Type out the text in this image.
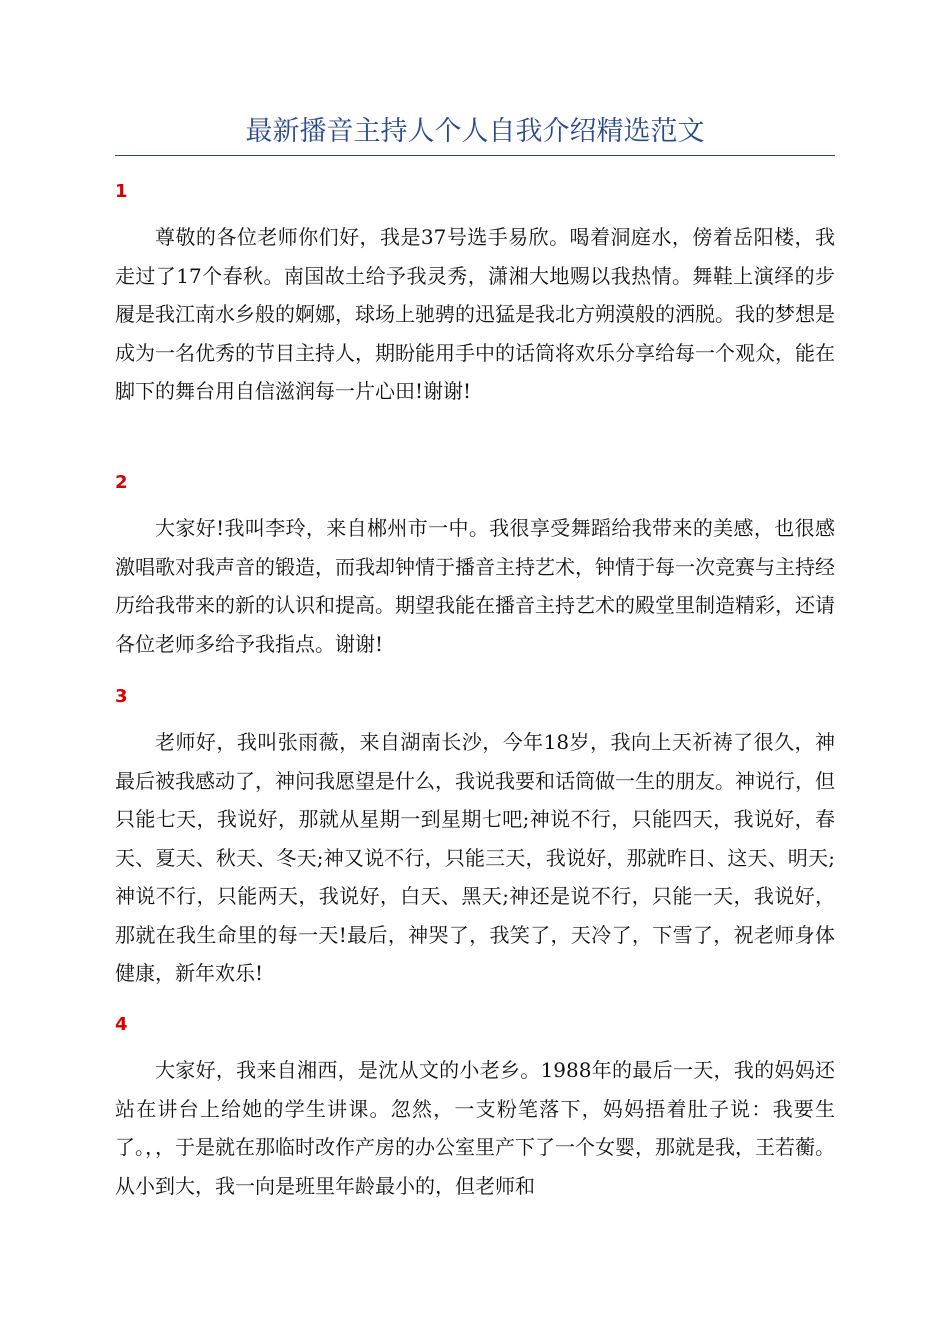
最新播音主持人个人自我介绍精选范文
1

尊敬的各位老师你们好，我是37号选手易欣。喝着洞庭水，傍着岳阳楼，我走过了17个春秋。南国故土给予我灵秀，潇湘大地赐以我热情。舞鞋上演绎的步履是我江南水乡般的婀娜，球场上驰骋的迅猛是我北方朔漠般的洒脱。我的梦想是成为一名优秀的节目主持人，期盼能用手中的话筒将欢乐分享给每一个观众，能在脚下的舞台用自信滋润每一片心田!谢谢!

2

大家好!我叫李玲，来自郴州市一中。我很享受舞蹈给我带来的美感，也很感激唱歌对我声音的锻造，而我却钟情于播音主持艺术，钟情于每一次竞赛与主持经历给我带来的新的认识和提高。期望我能在播音主持艺术的殿堂里制造精彩，还请各位老师多给予我指点。谢谢!

3

老师好，我叫张雨薇，来自湖南长沙，今年18岁，我向上天祈祷了很久，神最后被我感动了，神问我愿望是什么，我说我要和话筒做一生的朋友。神说行，但只能七天，我说好，那就从星期一到星期七吧;神说不行，只能四天，我说好，春天、夏天、秋天、冬天;神又说不行，只能三天，我说好，那就昨日、这天、明天;神说不行，只能两天，我说好，白天、黑天;神还是说不行，只能一天，我说好，那就在我生命里的每一天!最后，神哭了，我笑了，天冷了，下雪了，祝老师身体健康，新年欢乐!

4

大家好，我来自湘西，是沈从文的小老乡。1988年的最后一天，我的妈妈还站在讲台上给她的学生讲课。忽然，一支粉笔落下，妈妈捂着肚子说：我要生了。，，于是就在那临时改作产房的办公室里产下了一个女婴，那就是我，王若蘅。从小到大，我一向是班里年龄最小的，但老师和
